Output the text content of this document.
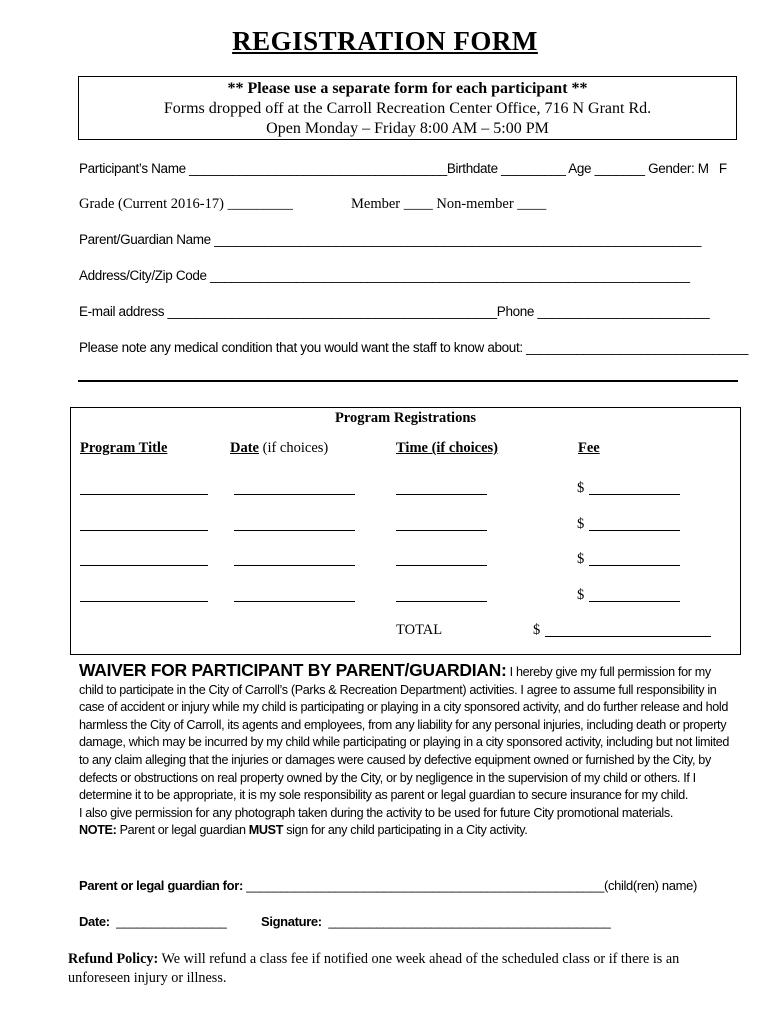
REGISTRATION FORM
** Please use a separate form for each participant **
Forms dropped off at the Carroll Recreation Center Office, 716 N Grant Rd.
Open Monday – Friday 8:00 AM – 5:00 PM
Participant’s Name ____________________________________Birthdate _________ Age _______ Gender: M   F
Grade (Current 2016-17) _________	Member ____ Non-member ____
Parent/Guardian Name ____________________________________________________________________
Address/City/Zip Code ___________________________________________________________________
E-mail address ______________________________________________Phone ________________________
Please note any medical condition that you would want the staff to know about: _______________________________
Program Registrations
Program Title	Date (if choices)	Time (if choices)	Fee
$
$
$
$
TOTAL	$

WAIVER FOR PARTICIPANT BY PARENT/GUARDIAN: I hereby give my full permission for my child to participate in the City of Carroll’s (Parks & Recreation Department) activities. I agree to assume full responsibility in case of accident or injury while my child is participating or playing in a city sponsored activity, and do further release and hold harmless the City of Carroll, its agents and employees, from any liability for any personal injuries, including death or property damage, which may be incurred by my child while participating or playing in a city sponsored activity, including but not limited to any claim alleging that the injuries or damages were caused by defective equipment owned or furnished by the City, by defects or obstructions on real property owned by the City, or by negligence in the supervision of my child or others. If I determine it to be appropriate, it is my sole responsibility as parent or legal guardian to secure insurance for my child.

I also give permission for any photograph taken during the activity to be used for future City promotional materials.

NOTE: Parent or legal guardian MUST sign for any child participating in a City activity.

Parent or legal guardian for: ____________________________________________________(child(ren) name)
Date:  ________________	Signature:  _________________________________________
Refund Policy: We will refund a class fee if notified one week ahead of the scheduled class or if there is an unforeseen injury or illness.
